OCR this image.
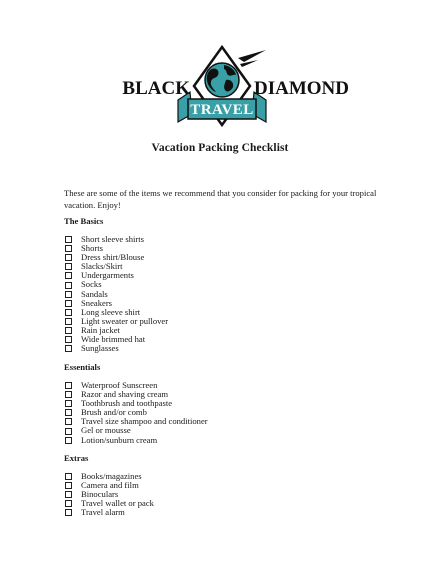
BLACK	DIAMOND
TRAVEL
Vacation Packing Checklist
These are some of the items we recommend that you consider for packing for your tropical vacation. Enjoy!
The Basics
Short sleeve shirts
Shorts
Dress shirt/Blouse
Slacks/Skirt
Undergarments
Socks
Sandals
Sneakers
Long sleeve shirt
Light sweater or pullover
Rain jacket
Wide brimmed hat
Sunglasses
Essentials
Waterproof Sunscreen
Razor and shaving cream
Toothbrush and toothpaste
Brush and/or comb
Travel size shampoo and conditioner
Gel or mousse
Lotion/sunburn cream
Extras
Books/magazines
Camera and film
Binoculars
Travel wallet or pack
Travel alarm
